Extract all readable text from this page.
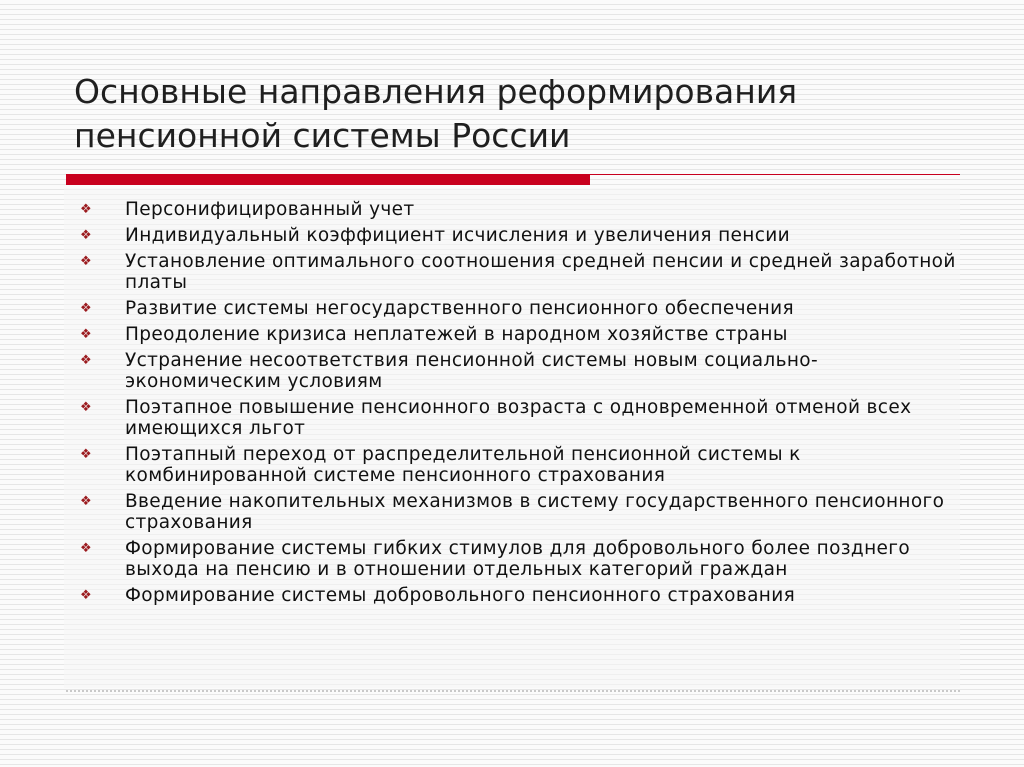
Основные направления реформирования
пенсионной системы России
❖ Персонифицированный учет
❖ Индивидуальный коэффициент исчисления и увеличения пенсии
❖ Установление оптимального соотношения средней пенсии и средней заработной платы
❖ Развитие системы негосударственного пенсионного обеспечения
❖ Преодоление кризиса неплатежей в народном хозяйстве страны
❖ Устранение несоответствия пенсионной системы новым социально-экономическим условиям
❖ Поэтапное повышение пенсионного возраста с одновременной отменой всех имеющихся льгот
❖ Поэтапный переход от распределительной пенсионной системы к комбинированной системе пенсионного страхования
❖ Введение накопительных механизмов в систему государственного пенсионного страхования
❖ Формирование системы гибких стимулов для добровольного более позднего выхода на пенсию и в отношении отдельных категорий граждан
❖ Формирование системы добровольного пенсионного страхования
